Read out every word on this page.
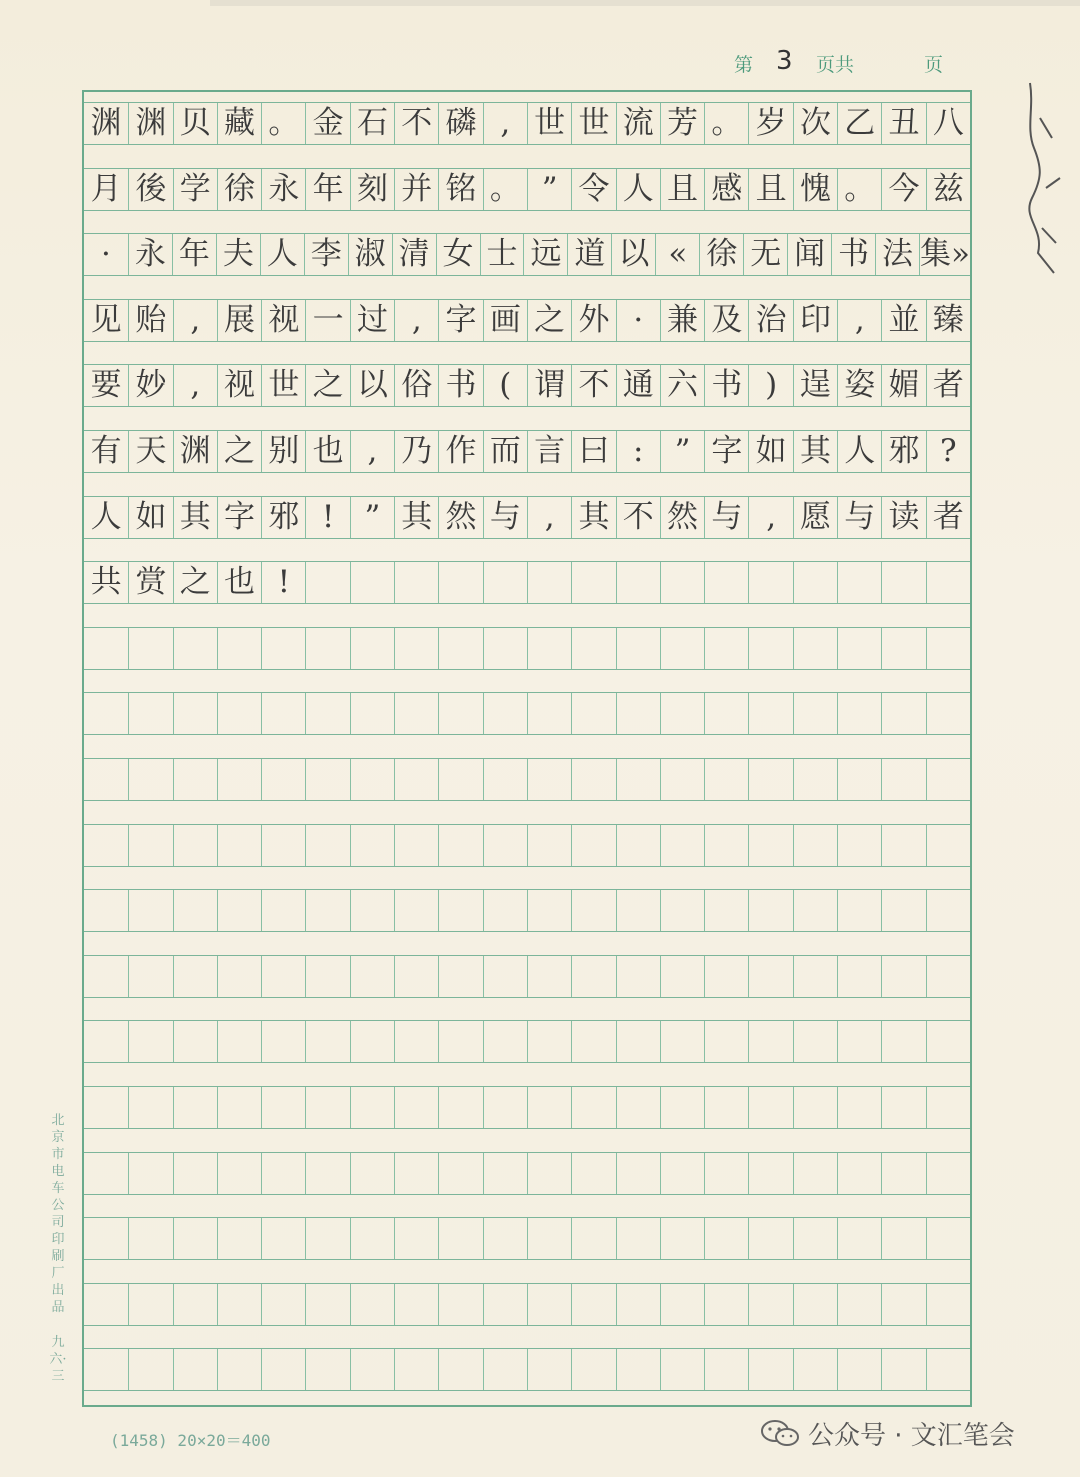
第 3 页共	页
渊 渊 贝 藏 。 金 石 不 磷 , 世 世 流 芳 。 岁 次 乙 丑 八
月 後 学 徐 永 年 刻 并 铭 。 ” 令 人 且 感 且 愧 。 今 兹
· 永 年 夫 人 李 淑 清 女 士 远 道 以 « 徐 无 闻 书 法 集»
见 贻 , 展 视 一 过 , 字 画 之 外 · 兼 及 治 印 , 並 臻
要 妙 , 视 世 之 以 俗 书 ( 谓 不 通 六 书 ) 逞 姿 媚 者
有 天 渊 之 别 也 , 乃 作 而 言 曰 :	” 字 如 其 人 邪 ?
人 如 其 字 邪 ! ” 其 然 与 , 其 不 然 与 , 愿 与 读 者
共 赏 之 也 !
北京市电车公司印刷厂出品
九六·三
(1458) 20×20＝400	公众号 · 文汇笔会
